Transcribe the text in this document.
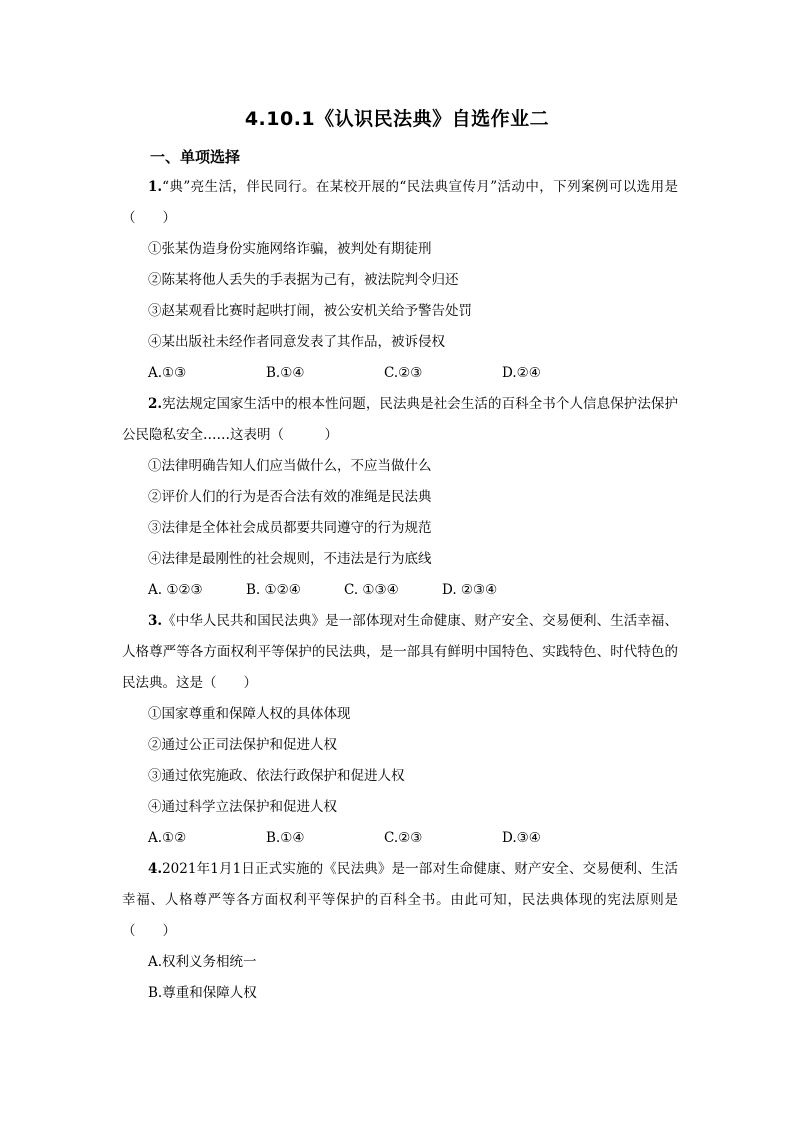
4.10.1《认识民法典》自选作业二
一、单项选择

1.“典”亮生活，伴民同行。在某校开展的“民法典宣传月”活动中，下列案例可以选用是（　　）

①张某伪造身份实施网络诈骗，被判处有期徒刑

②陈某将他人丢失的手表据为己有，被法院判令归还

③赵某观看比赛时起哄打闹，被公安机关给予警告处罚

④某出版社未经作者同意发表了其作品，被诉侵权

A.①③	B.①④	C.②③	D.②④

2.宪法规定国家生活中的根本性问题，民法典是社会生活的百科全书个人信息保护法保护公民隐私安全……这表明（　　　）

①法律明确告知人们应当做什么，不应当做什么

②评价人们的行为是否合法有效的准绳是民法典

③法律是全体社会成员都要共同遵守的行为规范

④法律是最刚性的社会规则，不违法是行为底线

A. ①②③	B. ①②④	C. ①③④	D. ②③④

3.《中华人民共和国民法典》是一部体现对生命健康、财产安全、交易便利、生活幸福、人格尊严等各方面权利平等保护的民法典，是一部具有鲜明中国特色、实践特色、时代特色的民法典。这是（　　）

①国家尊重和保障人权的具体体现

②通过公正司法保护和促进人权

③通过依宪施政、依法行政保护和促进人权

④通过科学立法保护和促进人权

A.①②	B.①④	C.②③	D.③④

4.2021年1月1日正式实施的《民法典》是一部对生命健康、财产安全、交易便利、生活幸福、人格尊严等各方面权利平等保护的百科全书。由此可知，民法典体现的宪法原则是（　　）

A.权利义务相统一

B.尊重和保障人权
